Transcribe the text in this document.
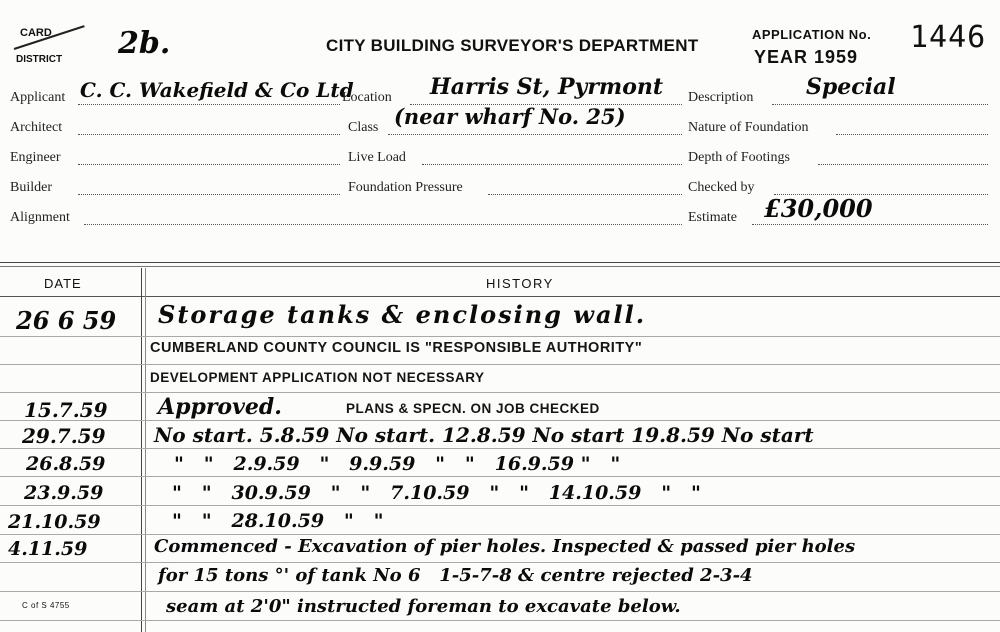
CARD
DISTRICT 2b.	CITY BUILDING SURVEYOR'S DEPARTMENT
APPLICATION No.
YEAR 1959
1446
Applicant C. C. Wakefield & Co Ltd
Location Harris St, Pyrmont Description Special
Architect	Class (near wharf No. 25)	Nature of Foundation
Engineer	Live Load	Depth of Footings
Builder	Foundation Pressure	Checked by
Alignment	Estimate £30,000
DATE	HISTORY
26 6 59 Storage tanks & enclosing wall.
CUMBERLAND COUNTY COUNCIL IS "RESPONSIBLE AUTHORITY"
DEVELOPMENT APPLICATION NOT NECESSARY
15.7.59 Approved.	PLANS & SPECN. ON JOB CHECKED
29.7.59 No start. 5.8.59 No start. 12.8.59 No start 19.8.59 No start
26.8.59	"   "   2.9.59   "   9.9.59   "   "   16.9.59 "   "
23.9.59	"   "   30.9.59   "   "   7.10.59   "   "   14.10.59   "   "
21.10.59	"   "   28.10.59   "   "
4.11.59	Commenced - Excavation of pier holes. Inspected & passed pier holes
for 15 tons °' of tank No 6   1-5-7-8 & centre rejected 2-3-4
seam at 2'0" instructed foreman to excavate below.
C of S 4755
